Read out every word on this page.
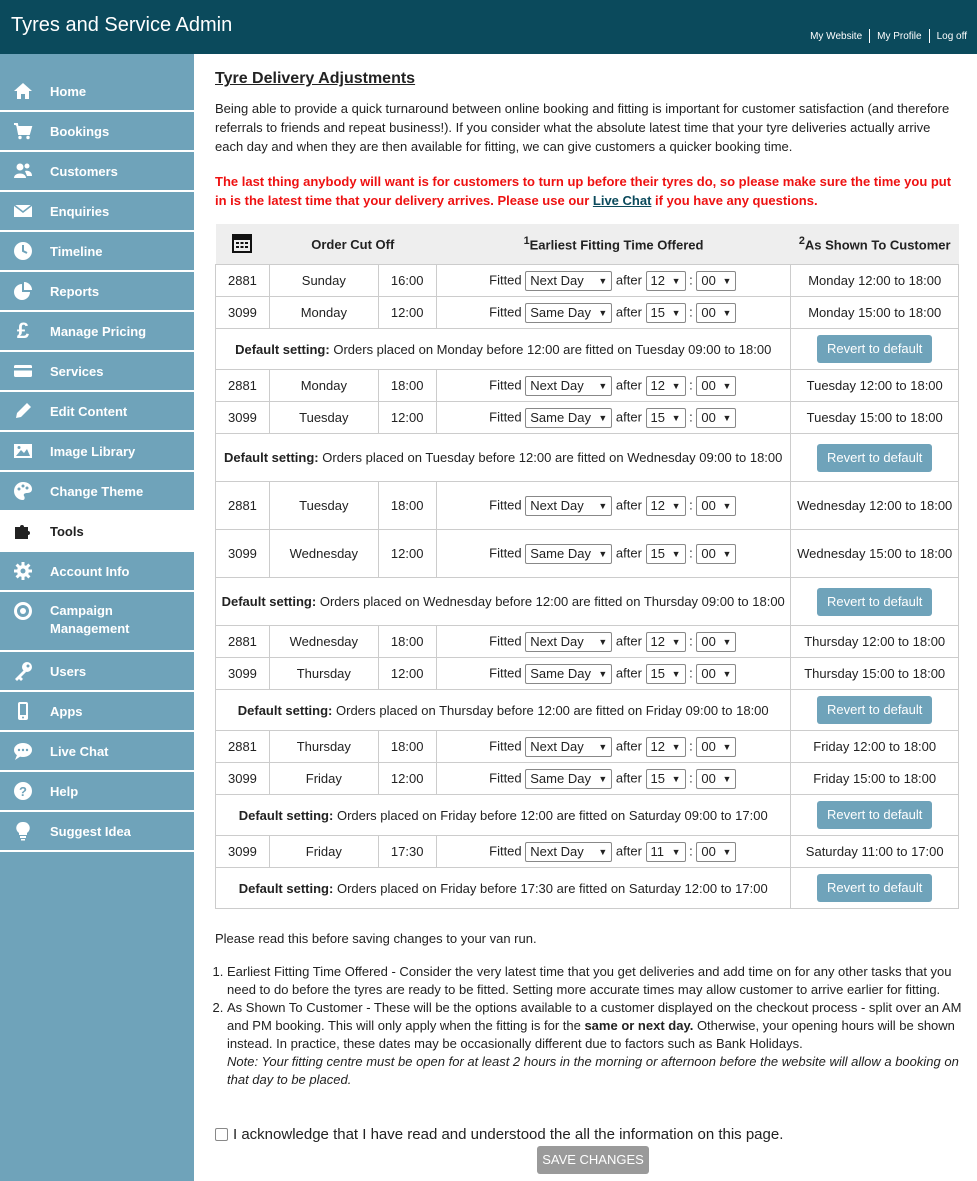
Tyres and Service Admin	My Website	My Profile	Log off
Home
Bookings
Customers
Enquiries
Timeline
Reports
£ Manage Pricing
Services
Edit Content
Image Library
Change Theme
Tools
Account Info
Campaign Management
Users
Apps
Live Chat
? Help
Suggest Idea
Tyre Delivery Adjustments

Being able to provide a quick turnaround between online booking and fitting is important for customer satisfaction (and therefore referrals to friends and repeat business!). If you consider what the absolute latest time that your tyre deliveries actually arrive each day and when they are then available for fitting, we can give customers a quicker booking time.

The last thing anybody will want is for customers to turn up before their tyres do, so please make sure the time you put in is the latest time that your delivery arrives. Please use our Live Chat if you have any questions.

	Order Cut Off		$^1$Earliest Fitting Time Offered	$^2$As Shown To Customer
2881	Sunday	16:00	Fitted Next Day ▼ after 12 ▼ : 00 ▼	Monday 12:00 to 18:00
3099	Monday	12:00	Fitted Same Day ▼ after 15 ▼ : 00 ▼	Monday 15:00 to 18:00
Default setting: Orders placed on Monday before 12:00 are fitted on Tuesday 09:00 to 18:00				Revert to default
2881	Monday	18:00	Fitted Next Day ▼ after 12 ▼ : 00 ▼	Tuesday 12:00 to 18:00
3099	Tuesday	12:00	Fitted Same Day ▼ after 15 ▼ : 00 ▼	Tuesday 15:00 to 18:00
Default setting: Orders placed on Tuesday before 12:00 are fitted on Wednesday 09:00 to 18:00				Revert to default
2881	Tuesday	18:00	Fitted Next Day ▼ after 12 ▼ : 00 ▼	Wednesday 12:00 to 18:00
3099	Wednesday	12:00	Fitted Same Day ▼ after 15 ▼ : 00 ▼	Wednesday 15:00 to 18:00
Default setting: Orders placed on Wednesday before 12:00 are fitted on Thursday 09:00 to 18:00				Revert to default
2881	Wednesday	18:00	Fitted Next Day ▼ after 12 ▼ : 00 ▼	Thursday 12:00 to 18:00
3099	Thursday	12:00	Fitted Same Day ▼ after 15 ▼ : 00 ▼	Thursday 15:00 to 18:00
Default setting: Orders placed on Thursday before 12:00 are fitted on Friday 09:00 to 18:00				Revert to default
2881	Thursday	18:00	Fitted Next Day ▼ after 12 ▼ : 00 ▼	Friday 12:00 to 18:00
3099	Friday	12:00	Fitted Same Day ▼ after 15 ▼ : 00 ▼	Friday 15:00 to 18:00
Default setting: Orders placed on Friday before 12:00 are fitted on Saturday 09:00 to 17:00				Revert to default
3099	Friday	17:30	Fitted Next Day ▼ after 11 ▼ : 00 ▼	Saturday 11:00 to 17:00
Default setting: Orders placed on Friday before 17:30 are fitted on Saturday 12:00 to 17:00				Revert to default

Please read this before saving changes to your van run.

1. Earliest Fitting Time Offered - Consider the very latest time that you get deliveries and add time on for any other tasks that you need to do before the tyres are ready to be fitted. Setting more accurate times may allow customer to arrive earlier for fitting.
2. As Shown To Customer - These will be the options available to a customer displayed on the checkout process - split over an AM and PM booking. This will only apply when the fitting is for the same or next day. Otherwise, your opening hours will be shown instead. In practice, these dates may be occasionally different due to factors such as Bank Holidays.
Note: Your fitting centre must be open for at least 2 hours in the morning or afternoon before the website will allow a booking on that day to be placed.
I acknowledge that I have read and understood the all the information on this page.
SAVE CHANGES
